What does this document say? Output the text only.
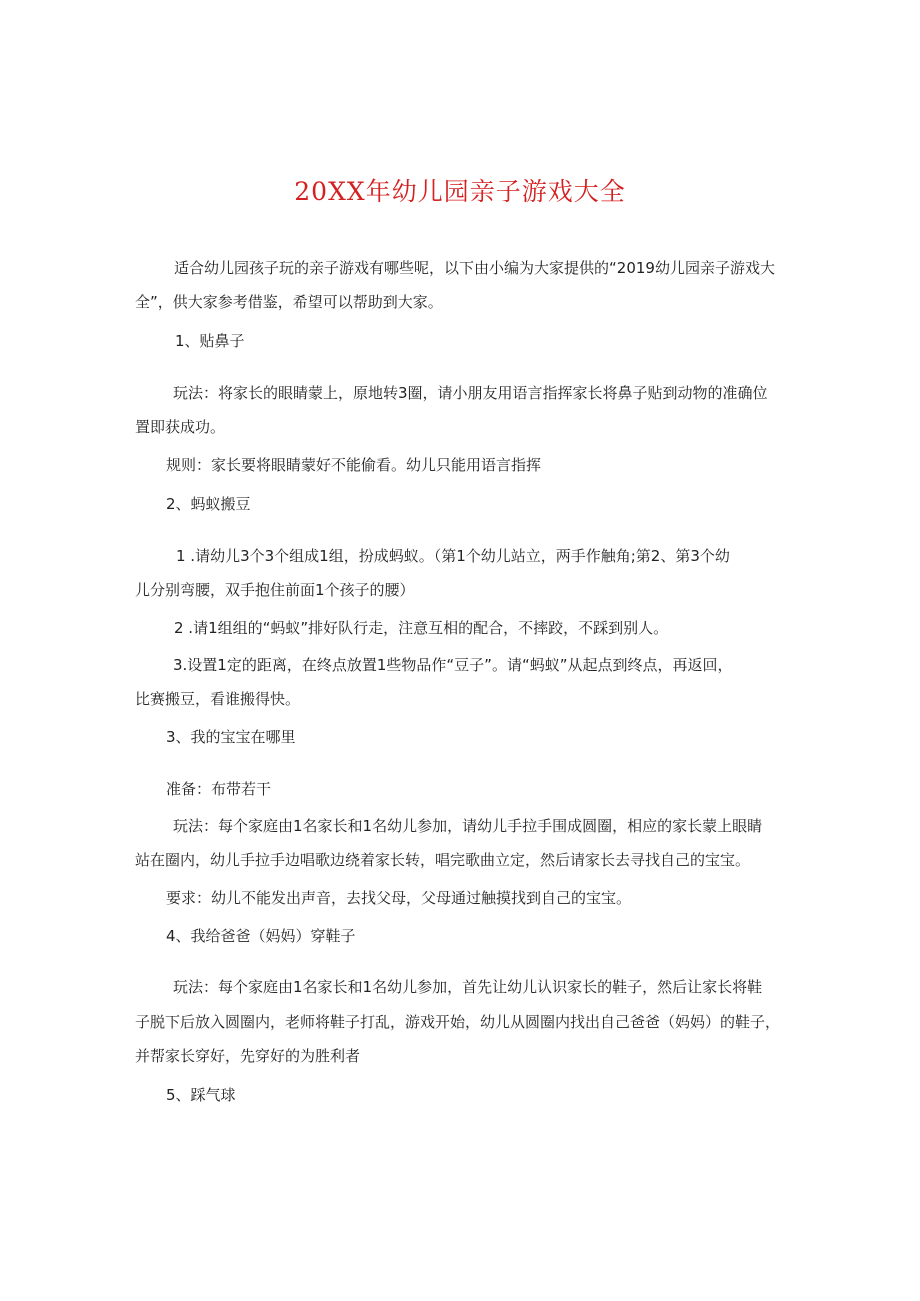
20XX年幼儿园亲子游戏大全
适合幼儿园孩子玩的亲子游戏有哪些呢，以下由小编为大家提供的“2019幼儿园亲子游戏大
全”，供大家参考借鉴，希望可以帮助到大家。
1、贴鼻子
玩法：将家长的眼睛蒙上，原地转3圈，请小朋友用语言指挥家长将鼻子贴到动物的准确位
置即获成功。
规则：家长要将眼睛蒙好不能偷看。幼儿只能用语言指挥
2、蚂蚁搬豆
1 .请幼儿3个3个组成1组，扮成蚂蚁。（第1个幼儿站立，两手作触角;第2、第3个幼
儿分别弯腰，双手抱住前面1个孩子的腰）
2 .请1组组的“蚂蚁”排好队行走，注意互相的配合，不摔跤，不踩到别人。
3.设置1定的距离，在终点放置1些物品作“豆子”。请“蚂蚁”从起点到终点，再返回，
比赛搬豆，看谁搬得快。
3、我的宝宝在哪里
准备：布带若干
玩法：每个家庭由1名家长和1名幼儿参加，请幼儿手拉手围成圆圈，相应的家长蒙上眼睛
站在圈内，幼儿手拉手边唱歌边绕着家长转，唱完歌曲立定，然后请家长去寻找自己的宝宝。
要求：幼儿不能发出声音，去找父母，父母通过触摸找到自己的宝宝。
4、我给爸爸（妈妈）穿鞋子
玩法：每个家庭由1名家长和1名幼儿参加，首先让幼儿认识家长的鞋子，然后让家长将鞋
子脱下后放入圆圈内，老师将鞋子打乱，游戏开始，幼儿从圆圈内找出自己爸爸（妈妈）的鞋子，
并帮家长穿好，先穿好的为胜利者
5、踩气球
